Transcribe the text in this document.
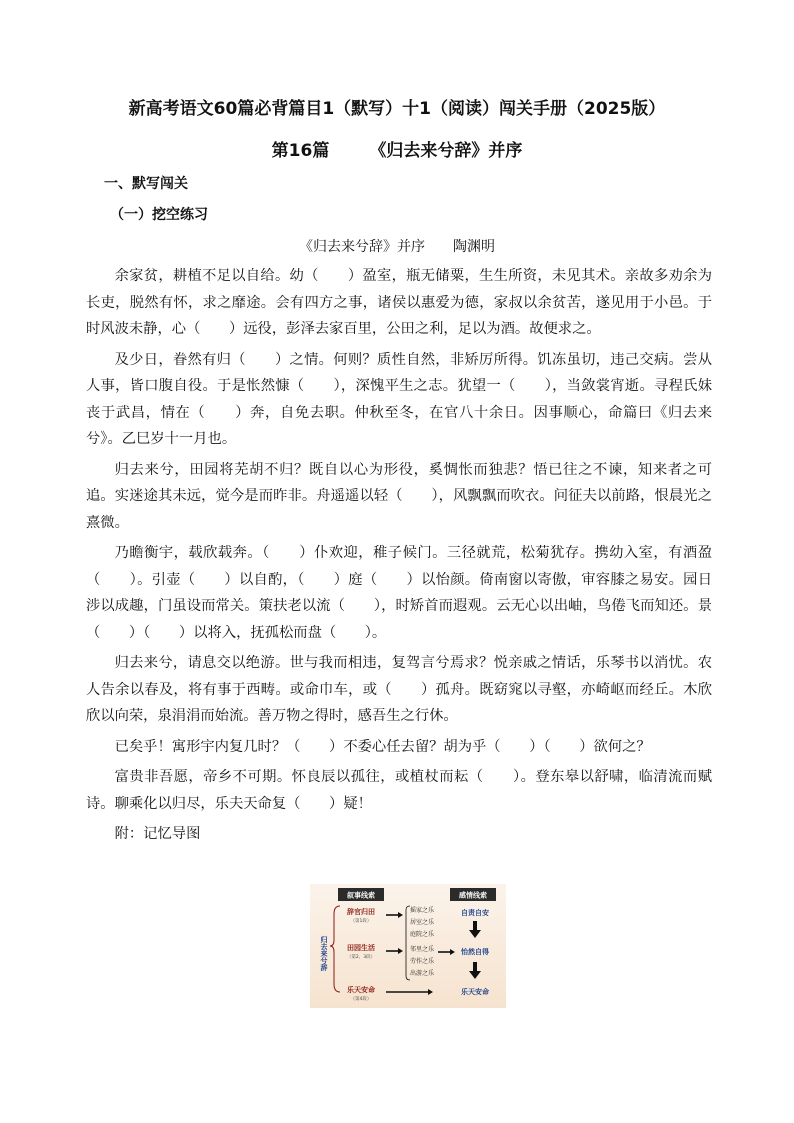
新高考语文60篇必背篇目1（默写）十1（阅读）闯关手册（2025版）
第16篇 《归去来兮辞》并序
一、默写闯关
（一）挖空练习
《归去来兮辞》并序 陶渊明

余家贫，耕植不足以自给。幼（　　）盈室，瓶无储粟，生生所资，未见其术。亲故多劝余为长吏，脱然有怀，求之靡途。会有四方之事，诸侯以惠爱为德，家叔以余贫苦，遂见用于小邑。于时风波未静，心（　　）远役，彭泽去家百里，公田之利，足以为酒。故便求之。

及少日，眷然有归（　　）之情。何则？质性自然，非矫厉所得。饥冻虽切，违己交病。尝从人事，皆口腹自役。于是怅然慷（　　），深愧平生之志。犹望一（　　），当敛裳宵逝。寻程氏妹丧于武昌，情在（　　）奔，自免去职。仲秋至冬，在官八十余日。因事顺心，命篇曰《归去来兮》。乙巳岁十一月也。

归去来兮，田园将芜胡不归？既自以心为形役，奚惆怅而独悲？悟已往之不谏，知来者之可追。实迷途其未远，觉今是而昨非。舟遥遥以轻（　　），风飘飘而吹衣。问征夫以前路，恨晨光之熹微。

乃瞻衡宇，载欣载奔。（　　）仆欢迎，稚子候门。三径就荒，松菊犹存。携幼入室，有酒盈（　　）。引壶（　　）以自酌，（　　）庭（　　）以怡颜。倚南窗以寄傲，审容膝之易安。园日涉以成趣，门虽设而常关。策扶老以流（　　），时矫首而遐观。云无心以出岫，鸟倦飞而知还。景（　　）（　　）以将入，抚孤松而盘（　　）。

归去来兮，请息交以绝游。世与我而相违，复驾言兮焉求？悦亲戚之情话，乐琴书以消忧。农人告余以春及，将有事于西畴。或命巾车，或（　　）孤舟。既窈窕以寻壑，亦崎岖而经丘。木欣欣以向荣，泉涓涓而始流。善万物之得时，感吾生之行休。

已矣乎！寓形宇内复几时？（　　）不委心任去留？胡为乎（　　）（　　）欲何之？

富贵非吾愿，帝乡不可期。怀良辰以孤往，或植杖而耘（　　）。登东皋以舒啸，临清流而赋诗。聊乘化以归尽，乐夫天命复（　　）疑！

附：记忆导图

归去来兮辞
叙事线索	感情线索
辞官归田
（第1段）
田园生活
（第2、3段）
乐天安命
（第4段）
摇家之乐
居室之乐
庭院之乐
邻里之乐
劳作之乐
出游之乐
自责自安
怡然自得
乐天安命
